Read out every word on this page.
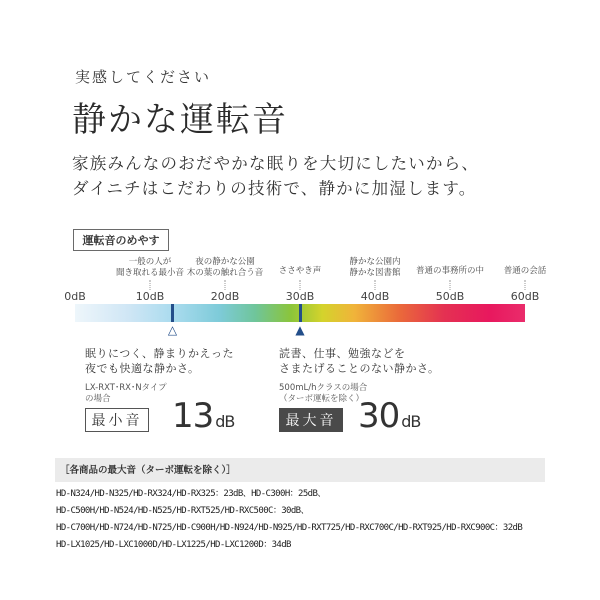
実感してください
静かな運転音
家族みんなのおだやかな眠りを大切にしたいから、
ダイニチはこだわりの技術で、静かに加湿します。
運転音のめやす
一般の人が
聞き取れる最小音
夜の静かな公園
木の葉の触れ合う音 ささやき声
静かな公園内
静かな図書館 普通の事務所の中 普通の会話
0dB	10dB	20dB	30dB	40dB	50dB	60dB
△	▲
眠りにつく、静まりかえった
夜でも快適な静かさ。
LX-RXT･RX･Nタイプ
の場合
最小音 13 dB
読書、仕事、勉強などを
さまたげることのない静かさ。
500mL/hクラスの場合
（ターボ運転を除く）
最大音 30 dB
［各商品の最大音（ターボ運転を除く）］
HD-N324/HD-N325/HD-RX324/HD-RX325：23dB、HD-C300H：25dB、
HD-C500H/HD-N524/HD-N525/HD-RXT525/HD-RXC500C：30dB、
HD-C700H/HD-N724/HD-N725/HD-C900H/HD-N924/HD-N925/HD-RXT725/HD-RXC700C/HD-RXT925/HD-RXC900C：32dB
HD-LX1025/HD-LXC1000D/HD-LX1225/HD-LXC1200D：34dB
